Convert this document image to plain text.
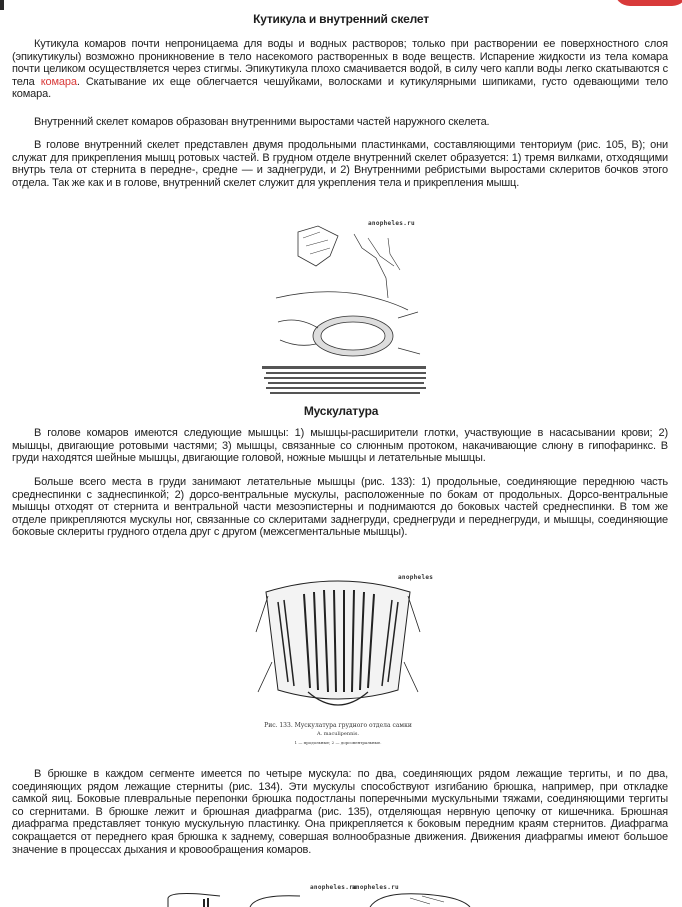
Кутикула и внутренний скелет

Кутикула комаров почти непроницаема для воды и водных растворов; только при растворении ее поверхностного слоя (эпикутикулы) возможно проникновение в тело насекомого растворенных в воде веществ. Испарение жидкости из тела комара почти целиком осуществляется через стигмы. Эпикутикула плохо смачивается водой, в силу чего капли воды легко скатываются с тела комара. Скатывание их еще облегчается чешуйками, волосками и кутикулярными шипиками, густо одевающими тело комара.

Внутренний скелет комаров образован внутренними выростами частей наружного скелета.

В голове внутренний скелет представлен двумя продольными пластинками, составляющими тенториум (рис. 105, В); они служат для прикрепления мышц ротовых частей. В грудном отделе внутренний скелет образуется: 1) тремя вилками, отходящими внутрь тела от стернита в передне-, средне — и заднегруди, и 2) Внутренними ребристыми выростами склеритов бочков этого отдела. Так же как и в голове, внутренний скелет служит для укрепления тела и прикрепления мышц.

anopheles.ru
Мускулатура

В голове комаров имеются следующие мышцы: 1) мышцы-расширители глотки, участвующие в насасывании крови; 2) мышцы, двигающие ротовыми частями; 3) мышцы, связанные со слюнным протоком, накачивающие слюну в гипофаринкс. В груди находятся шейные мышцы, двигающие головой, ножные мышцы и летательные мышцы.

Больше всего места в груди занимают летательные мышцы (рис. 133): 1) продольные, соединяющие переднюю часть среднеспинки с заднеспинкой; 2) дорсо-вентральные мускулы, расположенные по бокам от продольных. Дорсо-вентральные мышцы отходят от стернита и вентральной части мезоэпистерны и поднимаются до боковых частей среднеспинки. В том же отделе прикрепляются мускулы ног, связанные со склеритами заднегруди, среднегруди и переднегруди, и мышцы, соединяющие боковые склериты грудного отдела друг с другом (межсегментальные мышцы).

anopheles
Рис. 133. Мускулатура грудного отдела самки
A. maculipennis.
1 — продольные; 2 — дорсовентральные.

В брюшке в каждом сегменте имеется по четыре мускула: по два, соединяющих рядом лежащие тергиты, и по два, соединяющих рядом лежащие стерниты (рис. 134). Эти мускулы способствуют изгибанию брюшка, например, при откладке самкой яиц. Боковые плевральные перепонки брюшка подостланы поперечными мускульными тяжами, соединяющими тергиты со сгернитами. В брюшке лежит и брюшная диафрагма (рис. 135), отделяющая нервную цепочку от кишечника. Брюшная диафрагма представляет тонкую мускульную пластинку. Она прикрепляется к боковым передним краям стернитов. Диафрагма сокращается от переднего края брюшка к заднему, совершая волнообразные движения. Движения диафрагмы имеют большое значение в процессах дыхания и кровообращения комаров.

anopheles.ru
anopheles.ru
